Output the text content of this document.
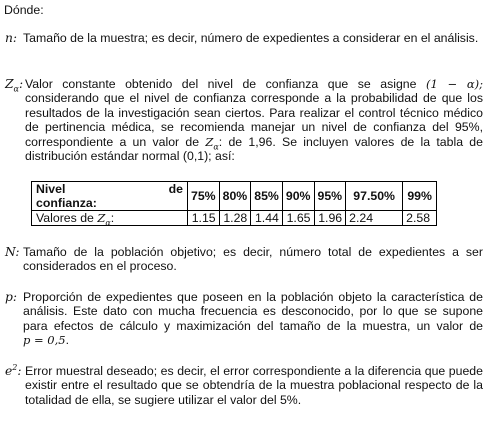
Dónde:
n: Tamaño de la muestra; es decir, número de expedientes a considerar en el análisis.

$Z_\alpha$: Valor constante obtenido del nivel de confianza que se asigne (1 − α); considerando que el nivel de confianza corresponde a la probabilidad de que los resultados de la investigación sean ciertos. Para realizar el control técnico médico de pertinencia médica, se recomienda manejar un nivel de confianza del 95%, correspondiente a un valor de $Z_\alpha$: de 1,96. Se incluyen valores de la tabla de distribución estándar normal (0,1); así:

Nivel de
confianza:	75%	80%	85%	90%	95%	97.50%	99%
Valores de $Z_\alpha$:	1.15	1.28	1.44	1.65	1.96	2.24	2.58
N: Tamaño de la población objetivo; es decir, número total de expedientes a ser considerados en el proceso.

p: Proporción de expedientes que poseen en la población objeto la característica de análisis. Este dato con mucha frecuencia es desconocido, por lo que se supone para efectos de cálculo y maximización del tamaño de la muestra, un valor de p = 0,5.

$e^2$: Error muestral deseado; es decir, el error correspondiente a la diferencia que puede existir entre el resultado que se obtendría de la muestra poblacional respecto de la totalidad de ella, se sugiere utilizar el valor del 5%.
